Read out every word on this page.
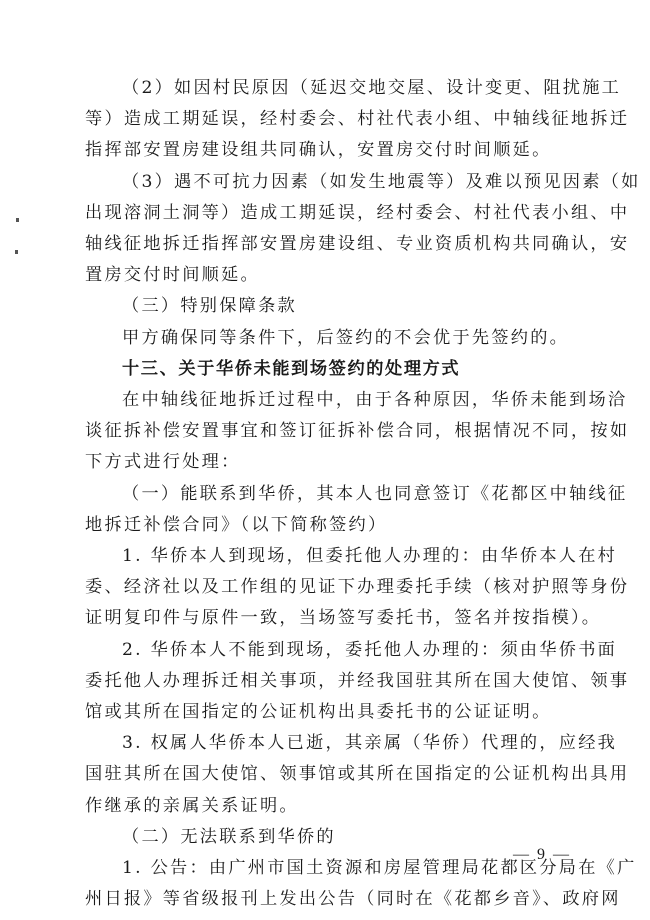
（2）如因村民原因（延迟交地交屋、设计变更、阻扰施工
等）造成工期延误，经村委会、村社代表小组、中轴线征地拆迁
指挥部安置房建设组共同确认，安置房交付时间顺延。
（3）遇不可抗力因素（如发生地震等）及难以预见因素（如
出现溶洞土洞等）造成工期延误，经村委会、村社代表小组、中
轴线征地拆迁指挥部安置房建设组、专业资质机构共同确认，安
置房交付时间顺延。
（三）特别保障条款
甲方确保同等条件下，后签约的不会优于先签约的。
十三、关于华侨未能到场签约的处理方式
在中轴线征地拆迁过程中，由于各种原因，华侨未能到场洽
谈征拆补偿安置事宜和签订征拆补偿合同，根据情况不同，按如
下方式进行处理：
（一）能联系到华侨，其本人也同意签订《花都区中轴线征
地拆迁补偿合同》（以下简称签约）
1. 华侨本人到现场，但委托他人办理的：由华侨本人在村
委、经济社以及工作组的见证下办理委托手续（核对护照等身份
证明复印件与原件一致，当场签写委托书，签名并按指模）。
2. 华侨本人不能到现场，委托他人办理的：须由华侨书面
委托他人办理拆迁相关事项，并经我国驻其所在国大使馆、领事
馆或其所在国指定的公证机构出具委托书的公证证明。
3. 权属人华侨本人已逝，其亲属（华侨）代理的，应经我
国驻其所在国大使馆、领事馆或其所在国指定的公证机构出具用
作继承的亲属关系证明。
（二）无法联系到华侨的
1. 公告：由广州市国土资源和房屋管理局花都区分局在《广
州日报》等省级报刊上发出公告（同时在《花都乡音》、政府网
— 9 —
